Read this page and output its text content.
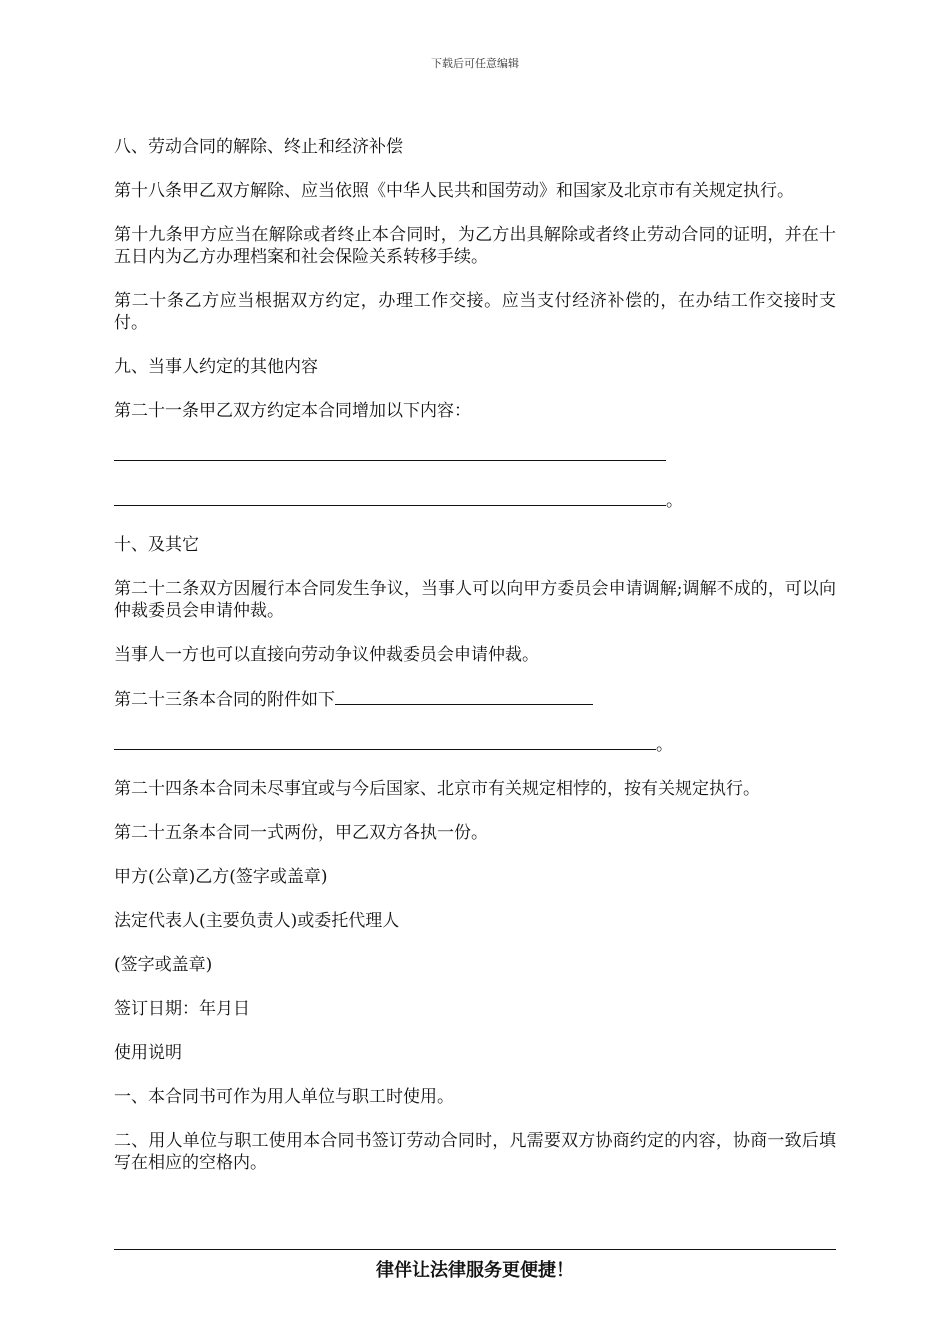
下载后可任意编辑

八、劳动合同的解除、终止和经济补偿

第十八条甲乙双方解除、应当依照《中华人民共和国劳动》和国家及北京市有关规定执行。

第十九条甲方应当在解除或者终止本合同时，为乙方出具解除或者终止劳动合同的证明，并在十五日内为乙方办理档案和社会保险关系转移手续。

第二十条乙方应当根据双方约定，办理工作交接。应当支付经济补偿的，在办结工作交接时支付。

九、当事人约定的其他内容

第二十一条甲乙双方约定本合同增加以下内容：

。

十、及其它

第二十二条双方因履行本合同发生争议，当事人可以向甲方委员会申请调解;调解不成的，可以向仲裁委员会申请仲裁。

当事人一方也可以直接向劳动争议仲裁委员会申请仲裁。

第二十三条本合同的附件如下

。

第二十四条本合同未尽事宜或与今后国家、北京市有关规定相悖的，按有关规定执行。

第二十五条本合同一式两份，甲乙双方各执一份。

甲方(公章)乙方(签字或盖章)

法定代表人(主要负责人)或委托代理人

(签字或盖章)

签订日期：年月日

使用说明

一、本合同书可作为用人单位与职工时使用。

二、用人单位与职工使用本合同书签订劳动合同时，凡需要双方协商约定的内容，协商一致后填写在相应的空格内。

律伴让法律服务更便捷！
